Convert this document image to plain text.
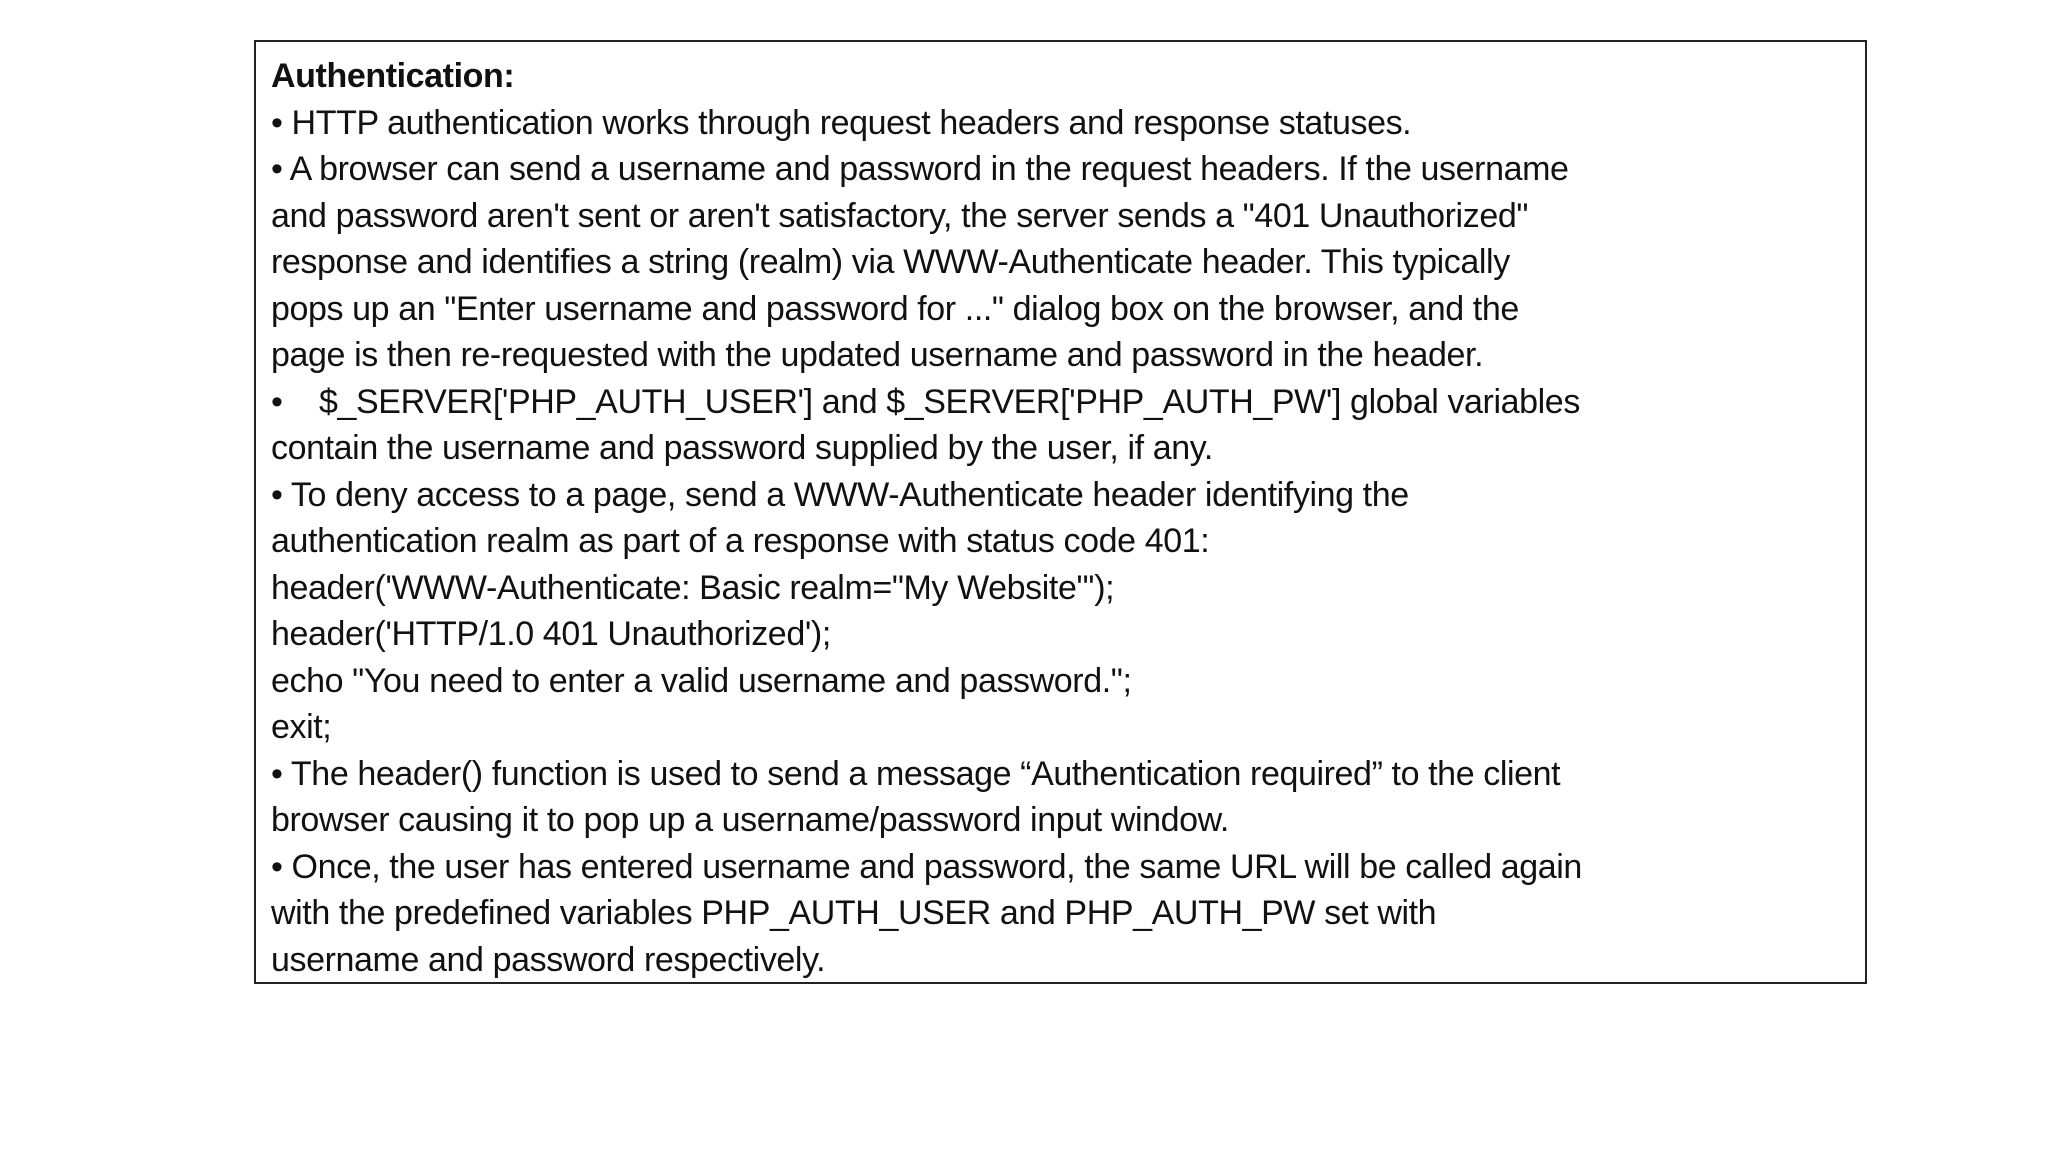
Authentication:
• HTTP authentication works through request headers and response statuses.
• A browser can send a username and password in the request headers. If the username
and password aren't sent or aren't satisfactory, the server sends a "401 Unauthorized"
response and identifies a string (realm) via WWW-Authenticate header. This typically
pops up an "Enter username and password for ..." dialog box on the browser, and the
page is then re-requested with the updated username and password in the header.
• $_SERVER['PHP_AUTH_USER'] and $_SERVER['PHP_AUTH_PW'] global variables
contain the username and password supplied by the user, if any.
• To deny access to a page, send a WWW-Authenticate header identifying the
authentication realm as part of a response with status code 401:
header('WWW-Authenticate: Basic realm="My Website"');
header('HTTP/1.0 401 Unauthorized');
echo "You need to enter a valid username and password.";
exit;
• The header() function is used to send a message “Authentication required” to the client
browser causing it to pop up a username/password input window.
• Once, the user has entered username and password, the same URL will be called again
with the predefined variables PHP_AUTH_USER and PHP_AUTH_PW set with
username and password respectively.
